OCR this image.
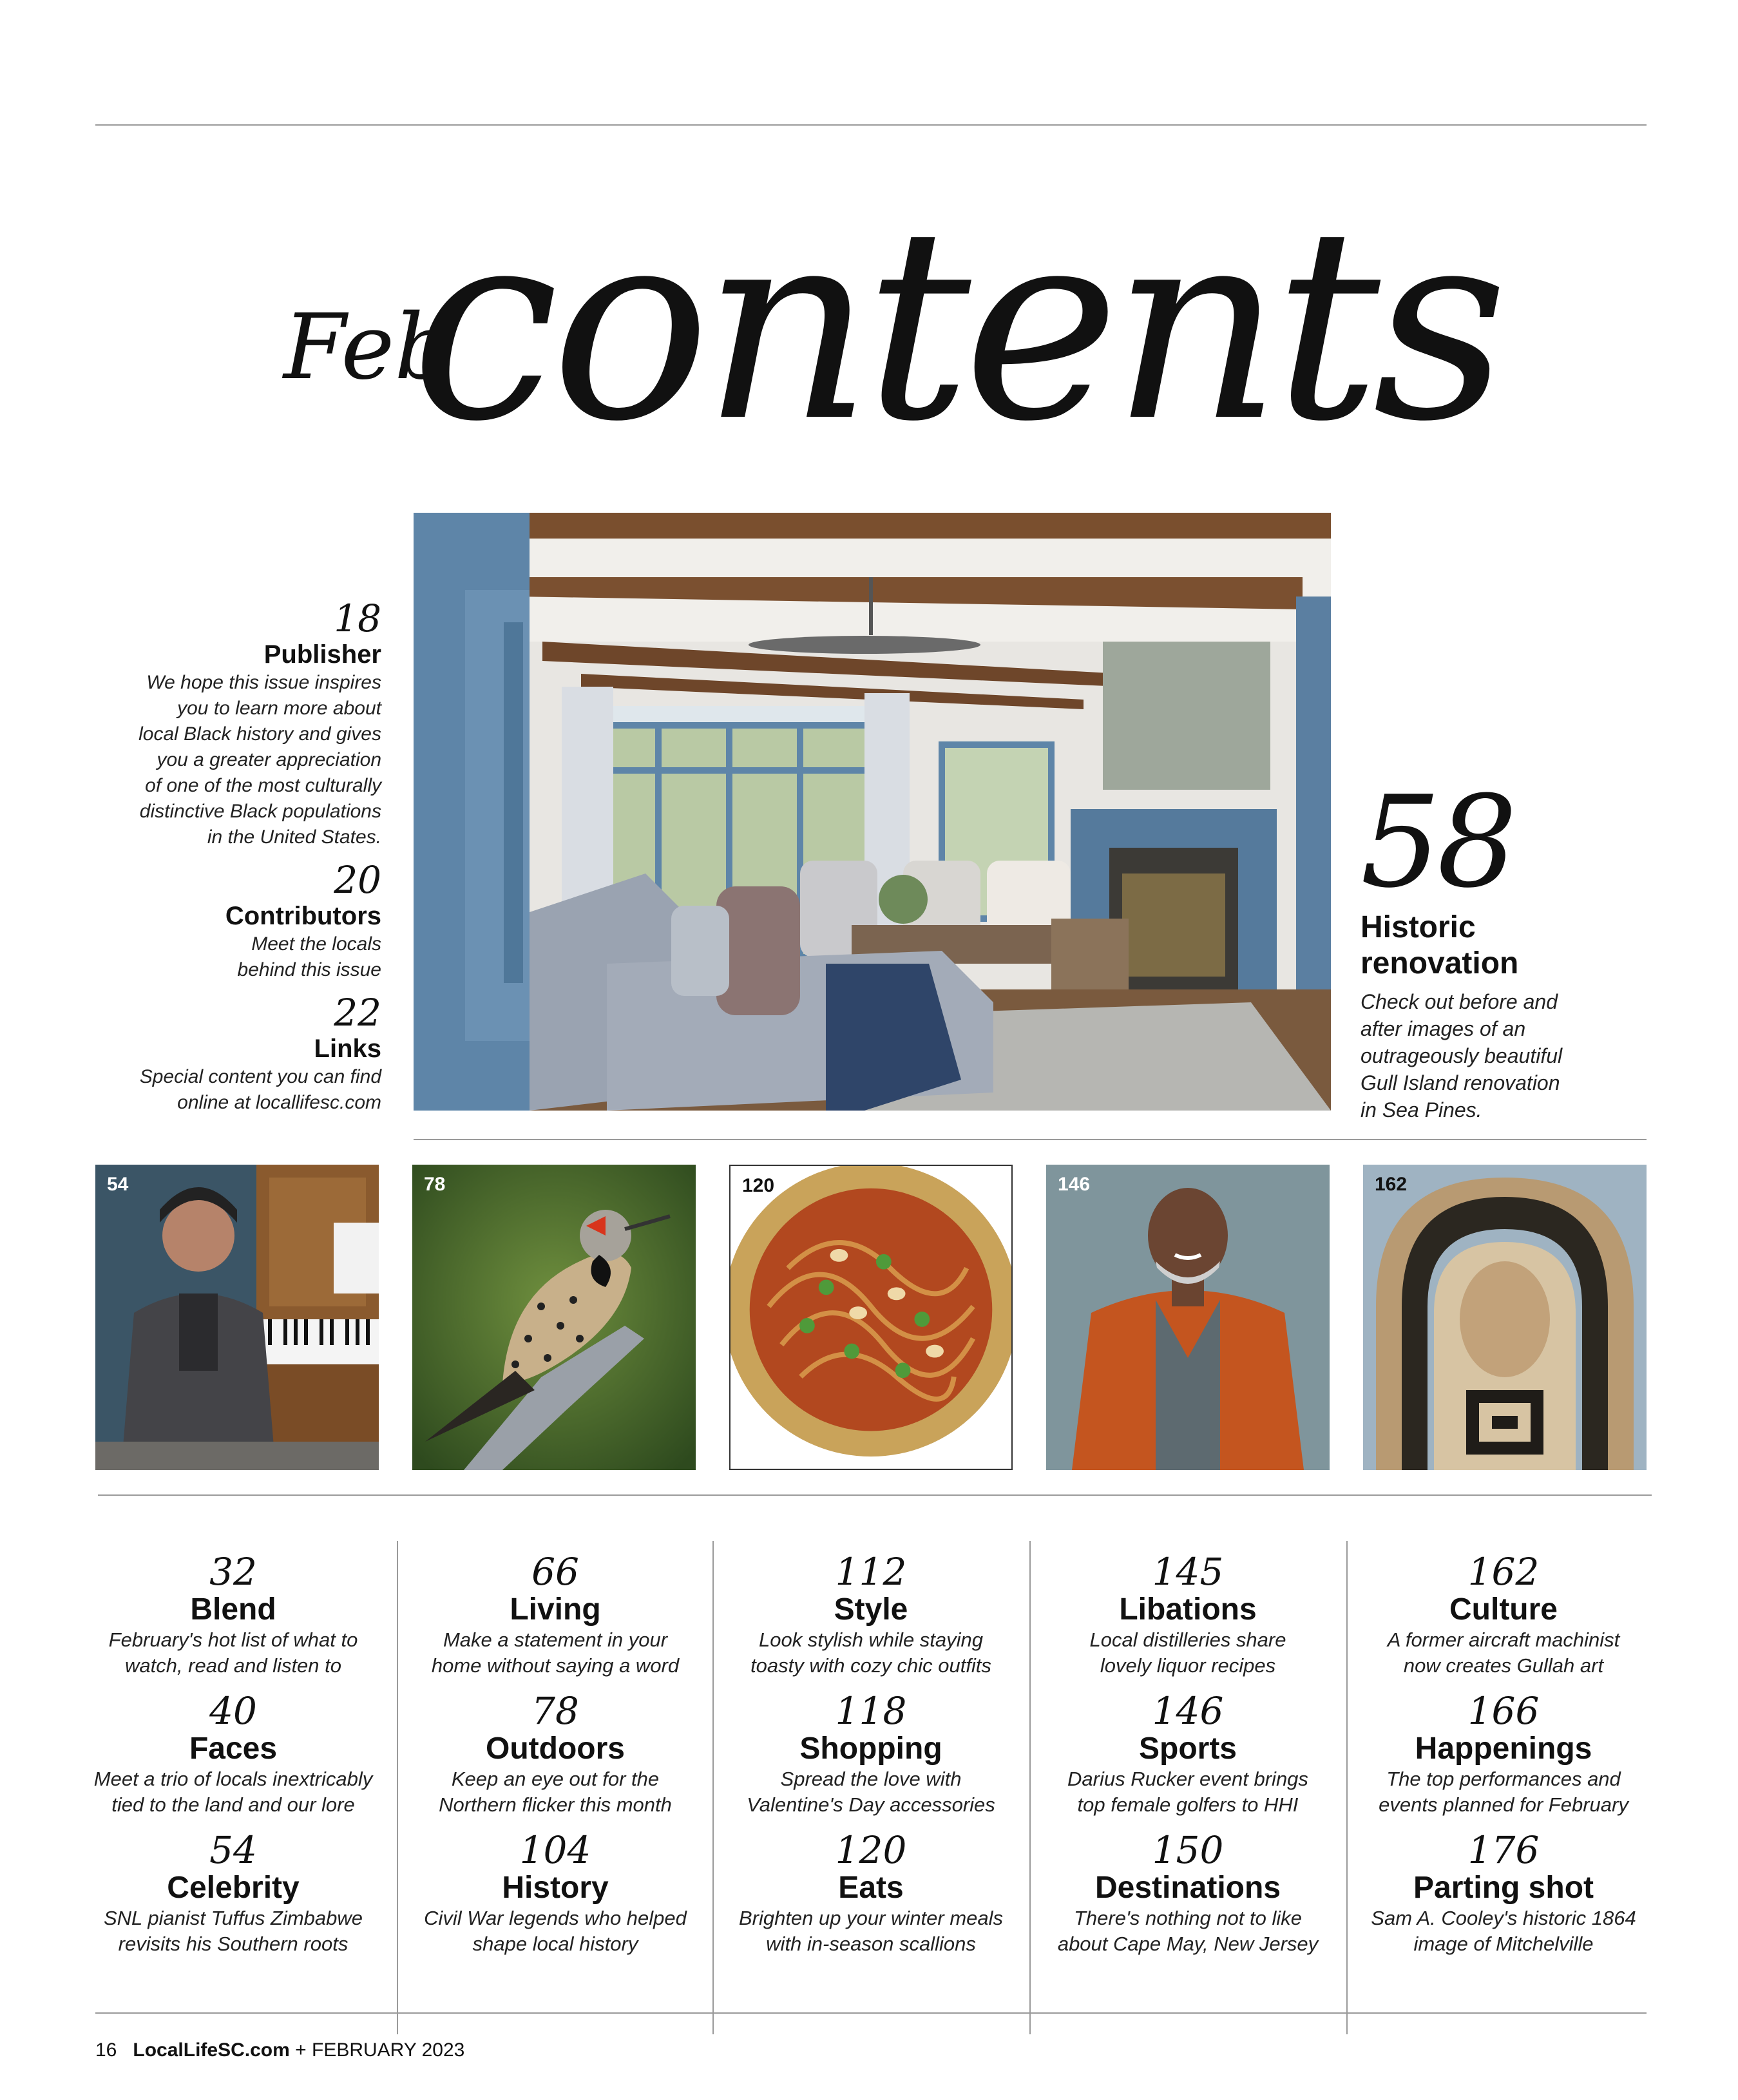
Feb
contents
18
Publisher
We hope this issue inspires
you to learn more about
local Black history and gives
you a greater appreciation
of one of the most culturally
distinctive Black populations
in the United States.
20
Contributors
Meet the locals
behind this issue
22
Links
Special content you can find
online at locallifesc.com
58
Historic
renovation
Check out before and
after images of an
outrageously beautiful
Gull Island renovation
in Sea Pines.
54	78	120	146	162
32
Blend
February's hot list of what to
watch, read and listen to
40
Faces
Meet a trio of locals inextricably
tied to the land and our lore
54
Celebrity
SNL pianist Tuffus Zimbabwe
revisits his Southern roots
66
Living
Make a statement in your
home without saying a word
78
Outdoors
Keep an eye out for the
Northern flicker this month
104
History
Civil War legends who helped
shape local history
112
Style
Look stylish while staying
toasty with cozy chic outfits
118
Shopping
Spread the love with
Valentine's Day accessories
120
Eats
Brighten up your winter meals
with in-season scallions
145
Libations
Local distilleries share
lovely liquor recipes
146
Sports
Darius Rucker event brings
top female golfers to HHI
150
Destinations
There's nothing not to like
about Cape May, New Jersey
162
Culture
A former aircraft machinist
now creates Gullah art
166
Happenings
The top performances and
events planned for February
176
Parting shot
Sam A. Cooley's historic 1864
image of Mitchelville
16 LocalLifeSC.com + FEBRUARY 2023
